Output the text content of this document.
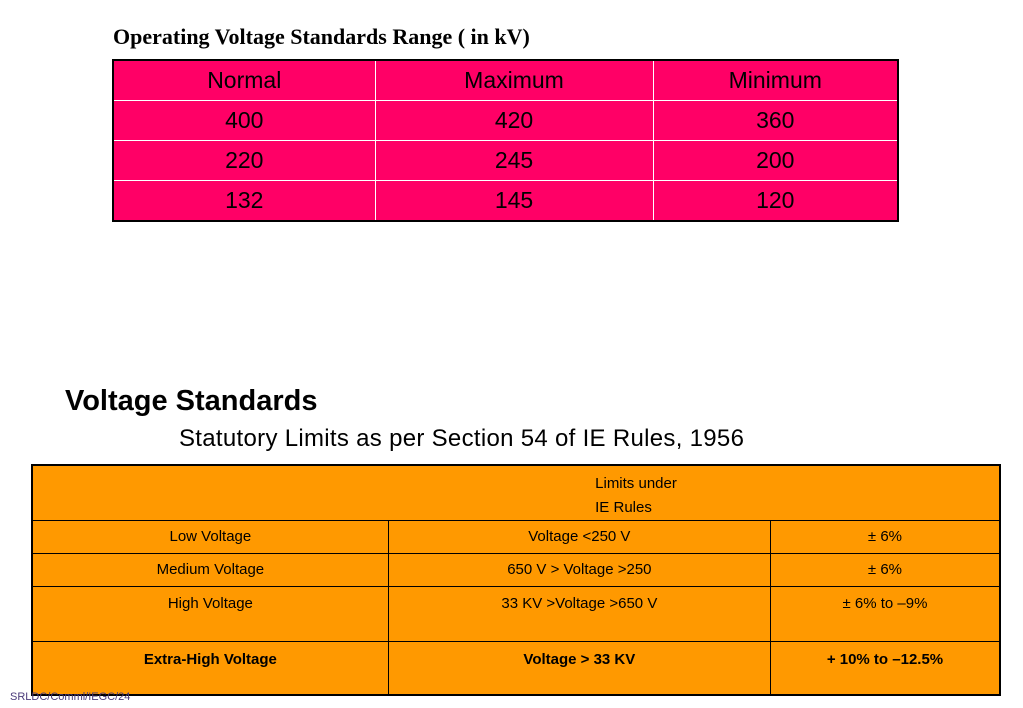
Operating Voltage Standards Range ( in kV)
Normal	Maximum	Minimum
400	420	360
220	245	200
132	145	120
Voltage Standards
Statutory Limits as per Section 54 of IE Rules, 1956
Limits under
IE Rules		

Low Voltage	Voltage <250 V	± 6%
Medium Voltage	650 V > Voltage >250	± 6%
High Voltage	33 KV >Voltage >650 V	± 6% to –9%
Extra-High Voltage	Voltage > 33 KV	+ 10% to –12.5%
SRLDC/Comml/IEGC/24
